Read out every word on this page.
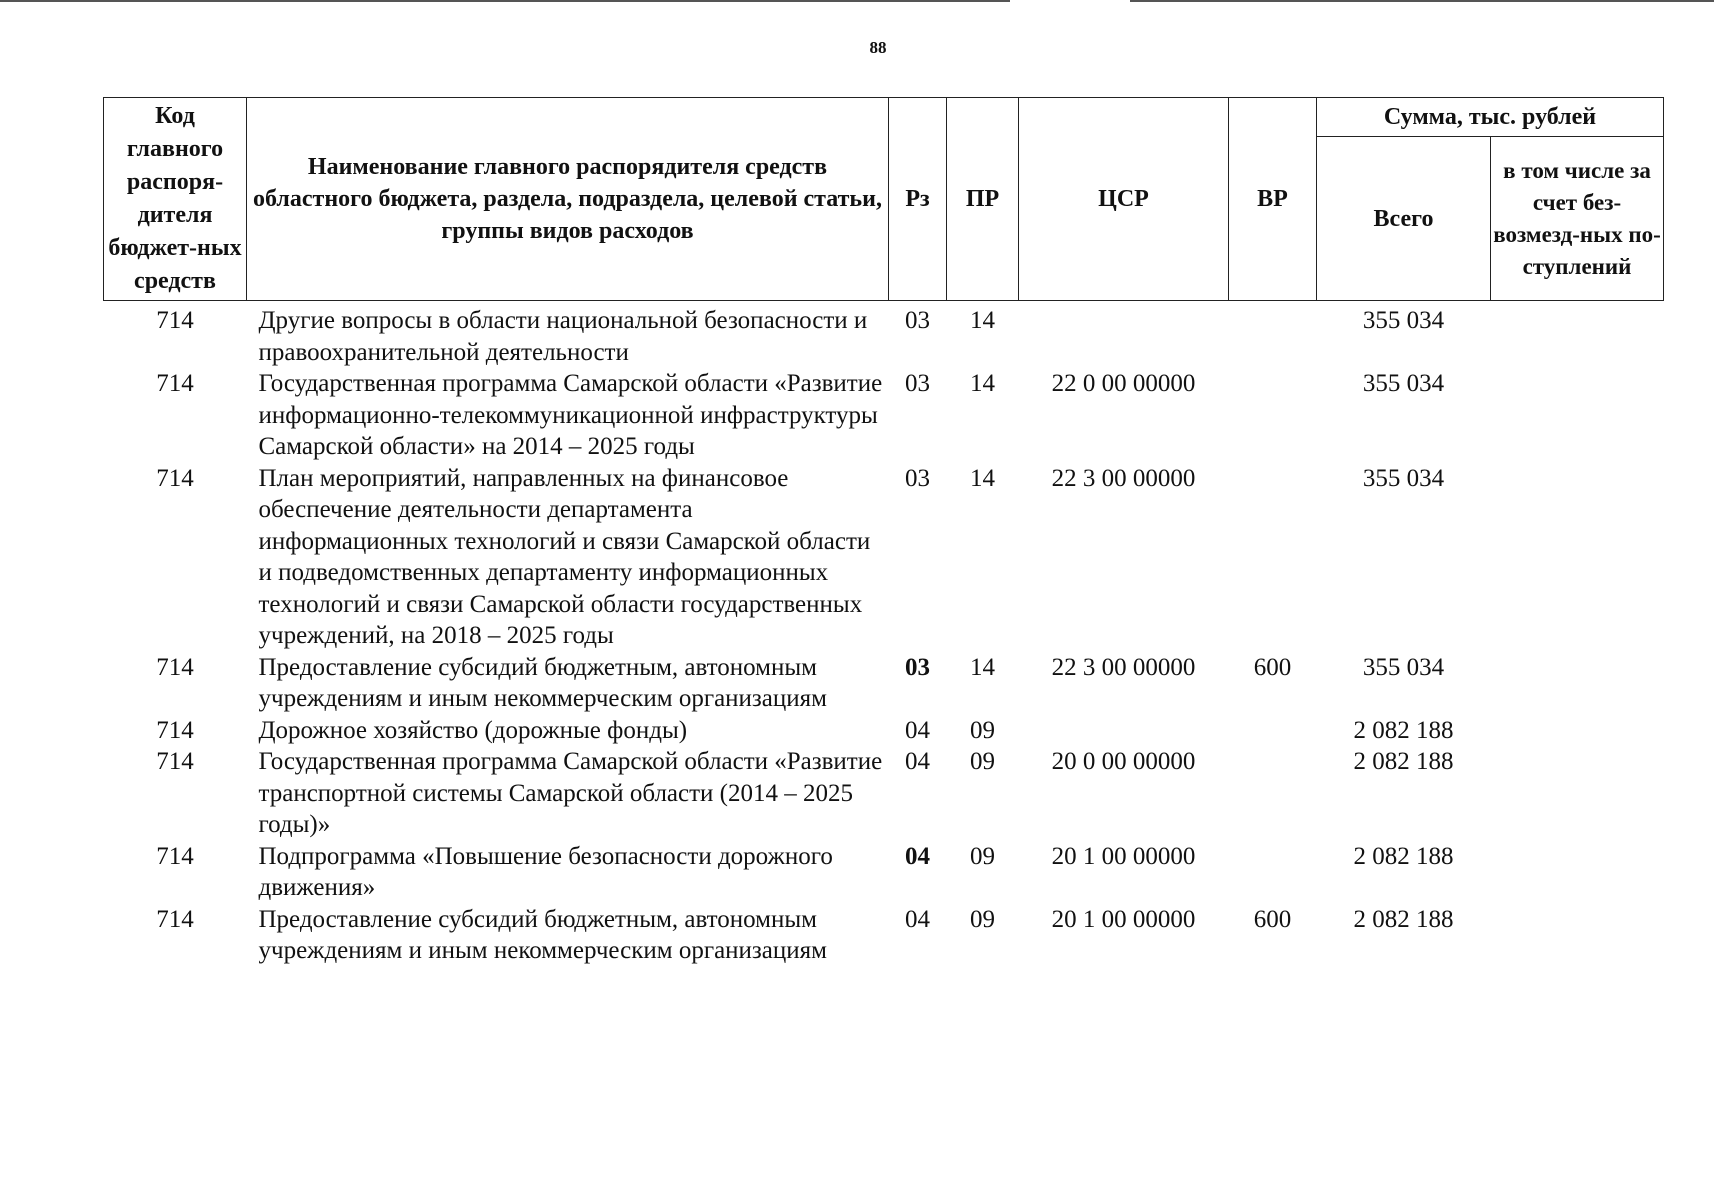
88
Код главного распоря-дителя бюджет-ных средств	Наименование главного распорядителя средств областного бюджета, раздела, подраздела, целевой статьи, группы видов расходов	Рз	ПР	ЦСР	ВР	Сумма, тыс. рублей	
						Всего	в том числе за счет без-возмезд-ных по-ступлений
714	Другие вопросы в области национальной безопасности и правоохранительной деятельности	03	14			355 034	
714	Государственная программа Самарской области «Развитие информационно-телекоммуникационной инфраструктуры Самарской области» на 2014 – 2025 годы	03	14	22 0 00 00000		355 034	
714	План мероприятий, направленных на финансовое обеспечение деятельности департамента информационных технологий и связи Самарской области и подведомственных департаменту информационных технологий и связи Самарской области государственных учреждений, на 2018 – 2025 годы	03	14	22 3 00 00000		355 034	
714	Предоставление субсидий бюджетным, автономным учреждениям и иным некоммерческим организациям	03	14	22 3 00 00000	600	355 034	
714	Дорожное хозяйство (дорожные фонды)	04	09			2 082 188	
714	Государственная программа Самарской области «Развитие транспортной системы Самарской области (2014 – 2025 годы)»	04	09	20 0 00 00000		2 082 188	
714	Подпрограмма «Повышение безопасности дорожного движения»	04	09	20 1 00 00000		2 082 188	
714	Предоставление субсидий бюджетным, автономным учреждениям и иным некоммерческим организациям	04	09	20 1 00 00000	600	2 082 188	
